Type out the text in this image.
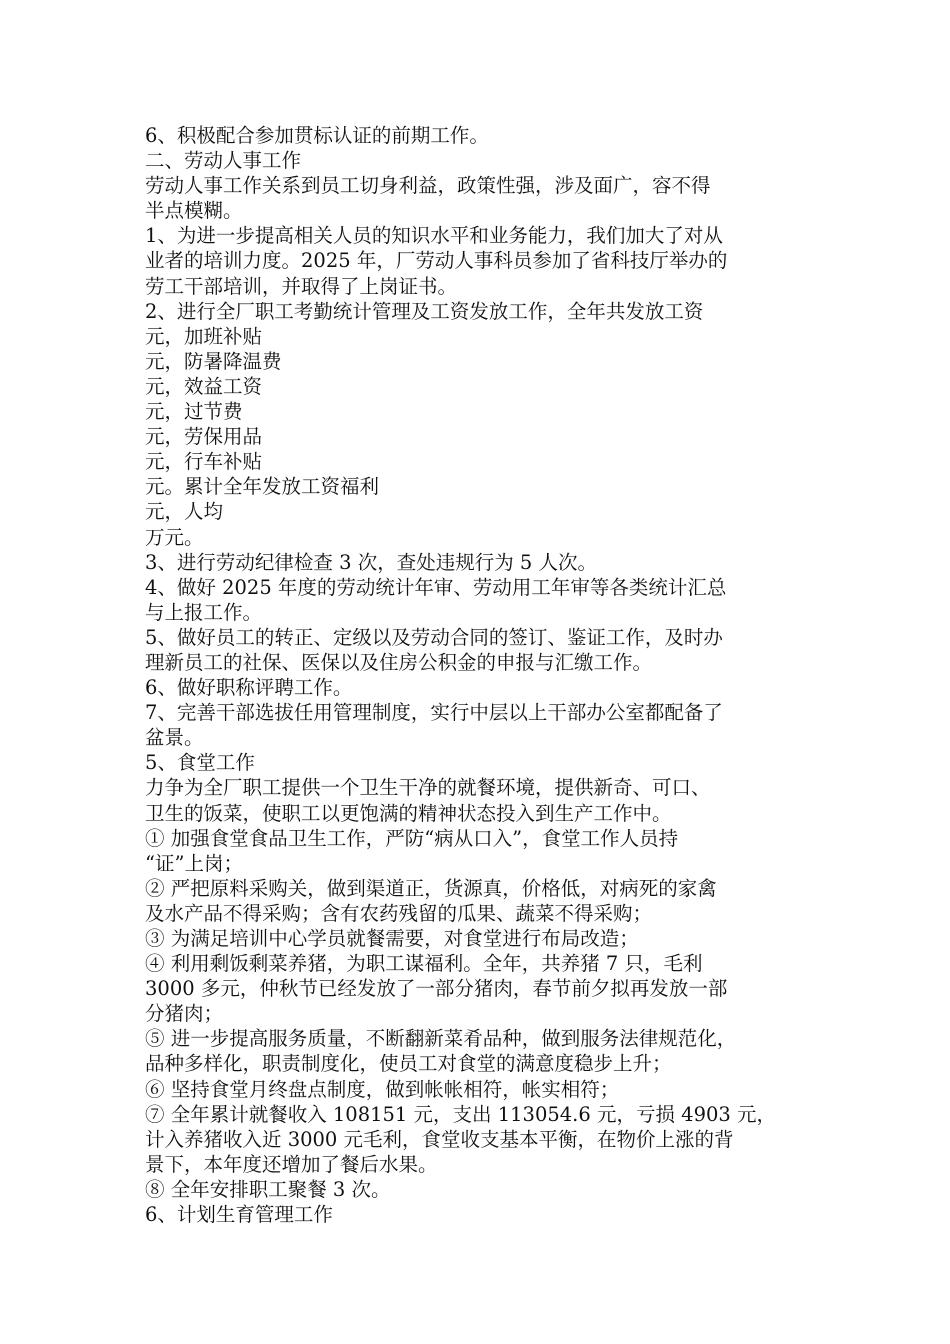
6、积极配合参加贯标认证的前期工作。
二、劳动人事工作
劳动人事工作关系到员工切身利益，政策性强，涉及面广，容不得
半点模糊。
1、为进一步提高相关人员的知识水平和业务能力，我们加大了对从
业者的培训力度。2025 年，厂劳动人事科员参加了省科技厅举办的
劳工干部培训，并取得了上岗证书。
2、进行全厂职工考勤统计管理及工资发放工作，全年共发放工资
元，加班补贴
元，防暑降温费
元，效益工资
元，过节费
元，劳保用品
元，行车补贴
元。累计全年发放工资福利
元，人均
万元。
3、进行劳动纪律检查 3 次，查处违规行为 5 人次。
4、做好 2025 年度的劳动统计年审、劳动用工年审等各类统计汇总
与上报工作。
5、做好员工的转正、定级以及劳动合同的签订、鉴证工作，及时办
理新员工的社保、医保以及住房公积金的申报与汇缴工作。
6、做好职称评聘工作。
7、完善干部选拔任用管理制度，实行中层以上干部办公室都配备了
盆景。
5、食堂工作
力争为全厂职工提供一个卫生干净的就餐环境，提供新奇、可口、
卫生的饭菜，使职工以更饱满的精神状态投入到生产工作中。
① 加强食堂食品卫生工作，严防“病从口入”，食堂工作人员持
“证”上岗；
② 严把原料采购关，做到渠道正，货源真，价格低，对病死的家禽
及水产品不得采购；含有农药残留的瓜果、蔬菜不得采购；
③ 为满足培训中心学员就餐需要，对食堂进行布局改造；
④ 利用剩饭剩菜养猪，为职工谋福利。全年，共养猪 7 只，毛利
3000 多元，仲秋节已经发放了一部分猪肉，春节前夕拟再发放一部
分猪肉；
⑤ 进一步提高服务质量，不断翻新菜肴品种，做到服务法律规范化，
品种多样化，职责制度化，使员工对食堂的满意度稳步上升；
⑥ 坚持食堂月终盘点制度，做到帐帐相符，帐实相符；
⑦ 全年累计就餐收入 108151 元，支出 113054.6 元，亏损 4903 元，
计入养猪收入近 3000 元毛利，食堂收支基本平衡，在物价上涨的背
景下，本年度还增加了餐后水果。
⑧ 全年安排职工聚餐 3 次。
6、计划生育管理工作
